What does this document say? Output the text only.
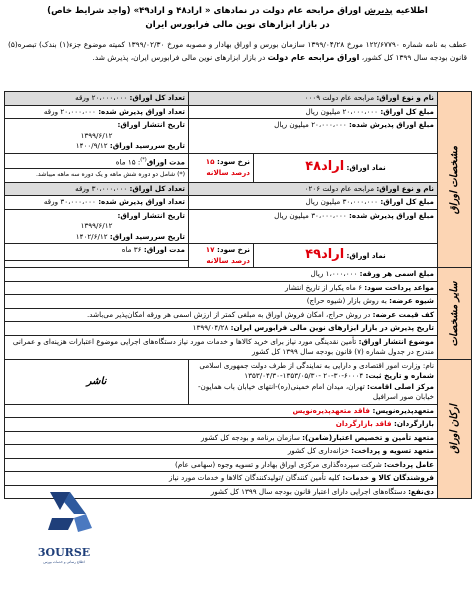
اطلاعیه پذیرش اوراق مرابحه عام دولت در نمادهای « اراد۴۸ و اراد۴۹» (واجد شرایط خاص)
در بازار ابزارهای نوین مالی فرابورس ایران
عطف به نامه شماره ۱۲۲/۶۷۷۹۰ مورخ ۱۳۹۹/۰۴/۲۸ سازمان بورس و اوراق بهادار و مصوبه مورخ ۱۳۹۹/۰۲/۳۰ کمیته موضوع جزء(۱) بندک) تبصره(۵) قانون بودجه سال ۱۳۹۹ کل کشور، اوراق مرابحه عام دولت در بازار ابزارهای نوین مالی فرابورس ایران، پذیرش شد.
مشخصات اوراق	نام و نوع اوراق: مرابحه عام دولت ۰۰۰۹		تعداد کل اوراق: ۲۰،۰۰۰،۰۰۰ ورقه
	مبلغ کل اوراق: ۲۰،۰۰۰،۰۰۰ میلیون ریال		تعداد اوراق پذیرش شده: ۲۰،۰۰۰،۰۰۰ ورقه
	مبلغ اوراق پذیرش شده: ۲۰،۰۰۰،۰۰۰ میلیون ریال		تاریخ انتشار اوراق:
۱۳۹۹/۶/۱۲
تاریخ سررسید اوراق: ۱۴۰۰/۹/۱۲

	نماد اوراق: اراد۴۸	نرخ سود: ۱۵ درصد سالانه	مدت اوراق(*): ۱۵ ماه
			(*) شامل دو دوره شش ماهه و یک دوره سه ماهه میباشد.
	نام و نوع اوراق: مرابحه عام دولت ۰۲۰۶		تعداد کل اوراق: ۳۰،۰۰۰،۰۰۰ ورقه
	مبلغ کل اوراق: ۳۰،۰۰۰،۰۰۰ میلیون ریال		تعداد اوراق پذیرش شده: ۳۰،۰۰۰،۰۰۰ ورقه
	مبلغ اوراق پذیرش شده: ۳۰،۰۰۰،۰۰۰ میلیون ریال		تاریخ انتشار اوراق:
۱۳۹۹/۶/۱۲
تاریخ سررسید اوراق: ۱۴۰۲/۶/۱۲

	نماد اوراق: اراد۴۹	نرخ سود: ۱۷ درصد سالانه	مدت اوراق: ۳۶ ماه

سایر مشخصات	مبلغ اسمی هر ورقه: ۱،۰۰۰،۰۰۰ ریال		
	مواعد پرداخت سود: ۶ ماه یکبار از تاریخ انتشار		
	شیوه عرضه: به روش بازار (شیوه حراج)		
	کف قیمت عرضه: در روش حراج، امکان فروش اوراق به مبلغی کمتر از ارزش اسمی هر ورقه امکان‌پذیر می‌باشد.		
	تاریخ پذیرش در بازار ابزارهای نوین مالی فرابورس ایران: ۱۳۹۹/۰۴/۲۸		
	موضوع انتشار اوراق: تأمین نقدینگی مورد نیاز برای خرید کالاها و خدمات مورد نیاز دستگاه‌های اجرایی موضوع اعتبارات هزینه‌ای و عمرانی مندرج در جدول شماره (۷) قانون بودجه سال ۱۳۹۹ کل کشور		

ارکان اوراق	نام: وزارت امور اقتصادی و دارایی به نمایندگی از طرف دولت جمهوری اسلامی
شماره و تاریخ ثبت: ۶۰۰۰۴-۳۰-۲۰ -۱۳۵۳/۰۵/۳۰-۱۳۵۳/۰۴/۳۰
مرکز اصلی اقامت: تهران، میدان امام خمینی(ره)-انتهای خیابان باب همایون-خیابان صور اسرافیل		ناشر
	متعهد‌پذیره‌نویس: فاقد متعهد‌پذیره‌نویس		
	بازارگردان: فاقد بازارگردان		
	متعهد تأمین و تخصیص اعتبار(ضامن): سازمان برنامه و بودجه کل کشور		
	متعهد تسویه و پرداخت: خزانه‌داری کل کشور		
	عامل پرداخت: شرکت سپرده‌گذاری مرکزی اوراق بهادار و تسویه وجوه (سهامی عام)		
	فروشندگان کالا و خدمات: کلیه تأمین کنندگان /تولیدکنندگان کالاها و خدمات مورد نیاز		
	دی‌نفع: دستگاه‌های اجرایی دارای اعتبار قانون بودجه سال ۱۳۹۹ کل کشور		
3OURSE
اطلاع رسانی و خدمات بورس
